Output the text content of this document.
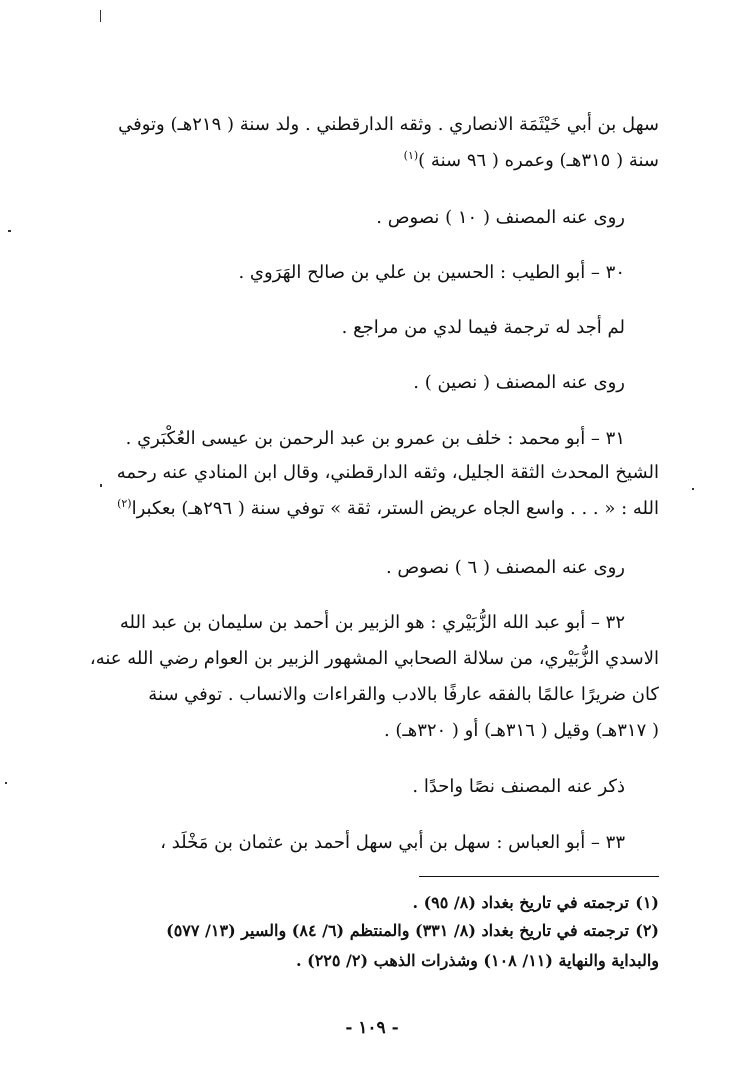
سهل بن أبي خَيْثَمَة الانصاري . وثقه الدارقطني . ولد سنة ( ٢١٩هـ) وتوفي
سنة ( ٣١٥هـ) وعمره ( ٩٦ سنة )$^{(١)}$
روى عنه المصنف ( ١٠ ) نصوص .
٣٠ – أبو الطيب : الحسين بن علي بن صالح الهَرَوي .
لم أجد له ترجمة فيما لدي من مراجع .
روى عنه المصنف ( نصين ) .
٣١ – أبو محمد : خلف بن عمرو بن عبد الرحمن بن عيسى العُكْبَري .
الشيخ المحدث الثقة الجليل، وثقه الدارقطني، وقال ابن المنادي عنه رحمه
الله : « . . . واسع الجاه عريض الستر، ثقة » توفي سنة ( ٢٩٦هـ) بعكبرا$^{(٢)}$
روى عنه المصنف ( ٦ ) نصوص .
٣٢ – أبو عبد الله الزُّبَيْري : هو الزبير بن أحمد بن سليمان بن عبد الله
الاسدي الزُّبَيْري، من سلالة الصحابي المشهور الزبير بن العوام رضي الله عنه،
كان ضريرًا عالمًا بالفقه عارفًا بالادب والقراءات والانساب . توفي سنة
( ٣١٧هـ) وقيل ( ٣١٦هـ) أو ( ٣٢٠هـ) .
ذكر عنه المصنف نصًا واحدًا .
٣٣ – أبو العباس : سهل بن أبي سهل أحمد بن عثمان بن مَخْلَد ،
(١)ترجمته في تاريخ بغداد (٨/ ٩٥) .
(٢)ترجمته في تاريخ بغداد (٨/ ٣٣١) والمنتظم (٦/ ٨٤) والسير (١٣/ ٥٧٧)
والبداية والنهاية (١١/ ١٠٨) وشذرات الذهب (٢/ ٢٢٥) .
- ١٠٩ -
